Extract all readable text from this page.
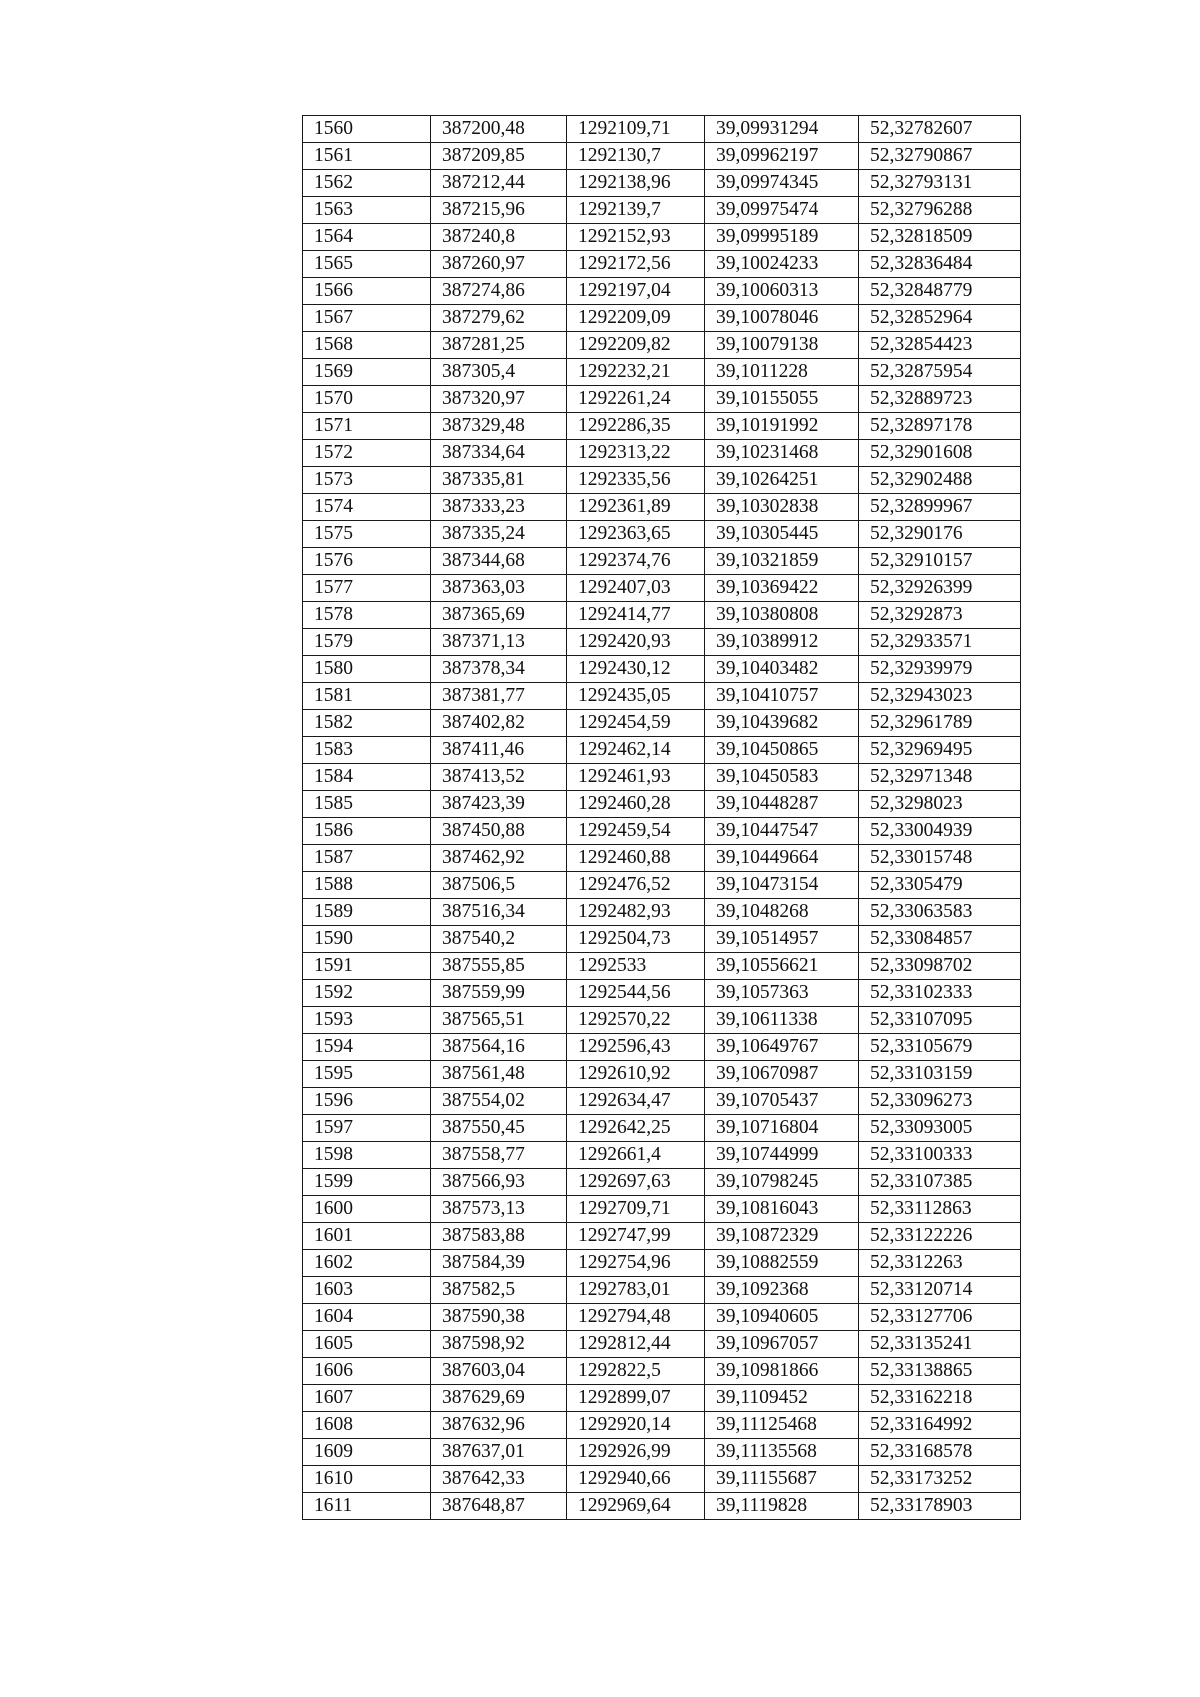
1560	387200,48	1292109,71	39,09931294	52,32782607
1561	387209,85	1292130,7	39,09962197	52,32790867
1562	387212,44	1292138,96	39,09974345	52,32793131
1563	387215,96	1292139,7	39,09975474	52,32796288
1564	387240,8	1292152,93	39,09995189	52,32818509
1565	387260,97	1292172,56	39,10024233	52,32836484
1566	387274,86	1292197,04	39,10060313	52,32848779
1567	387279,62	1292209,09	39,10078046	52,32852964
1568	387281,25	1292209,82	39,10079138	52,32854423
1569	387305,4	1292232,21	39,1011228	52,32875954
1570	387320,97	1292261,24	39,10155055	52,32889723
1571	387329,48	1292286,35	39,10191992	52,32897178
1572	387334,64	1292313,22	39,10231468	52,32901608
1573	387335,81	1292335,56	39,10264251	52,32902488
1574	387333,23	1292361,89	39,10302838	52,32899967
1575	387335,24	1292363,65	39,10305445	52,3290176
1576	387344,68	1292374,76	39,10321859	52,32910157
1577	387363,03	1292407,03	39,10369422	52,32926399
1578	387365,69	1292414,77	39,10380808	52,3292873
1579	387371,13	1292420,93	39,10389912	52,32933571
1580	387378,34	1292430,12	39,10403482	52,32939979
1581	387381,77	1292435,05	39,10410757	52,32943023
1582	387402,82	1292454,59	39,10439682	52,32961789
1583	387411,46	1292462,14	39,10450865	52,32969495
1584	387413,52	1292461,93	39,10450583	52,32971348
1585	387423,39	1292460,28	39,10448287	52,3298023
1586	387450,88	1292459,54	39,10447547	52,33004939
1587	387462,92	1292460,88	39,10449664	52,33015748
1588	387506,5	1292476,52	39,10473154	52,3305479
1589	387516,34	1292482,93	39,1048268	52,33063583
1590	387540,2	1292504,73	39,10514957	52,33084857
1591	387555,85	1292533	39,10556621	52,33098702
1592	387559,99	1292544,56	39,1057363	52,33102333
1593	387565,51	1292570,22	39,10611338	52,33107095
1594	387564,16	1292596,43	39,10649767	52,33105679
1595	387561,48	1292610,92	39,10670987	52,33103159
1596	387554,02	1292634,47	39,10705437	52,33096273
1597	387550,45	1292642,25	39,10716804	52,33093005
1598	387558,77	1292661,4	39,10744999	52,33100333
1599	387566,93	1292697,63	39,10798245	52,33107385
1600	387573,13	1292709,71	39,10816043	52,33112863
1601	387583,88	1292747,99	39,10872329	52,33122226
1602	387584,39	1292754,96	39,10882559	52,3312263
1603	387582,5	1292783,01	39,1092368	52,33120714
1604	387590,38	1292794,48	39,10940605	52,33127706
1605	387598,92	1292812,44	39,10967057	52,33135241
1606	387603,04	1292822,5	39,10981866	52,33138865
1607	387629,69	1292899,07	39,1109452	52,33162218
1608	387632,96	1292920,14	39,11125468	52,33164992
1609	387637,01	1292926,99	39,11135568	52,33168578
1610	387642,33	1292940,66	39,11155687	52,33173252
1611	387648,87	1292969,64	39,1119828	52,33178903
